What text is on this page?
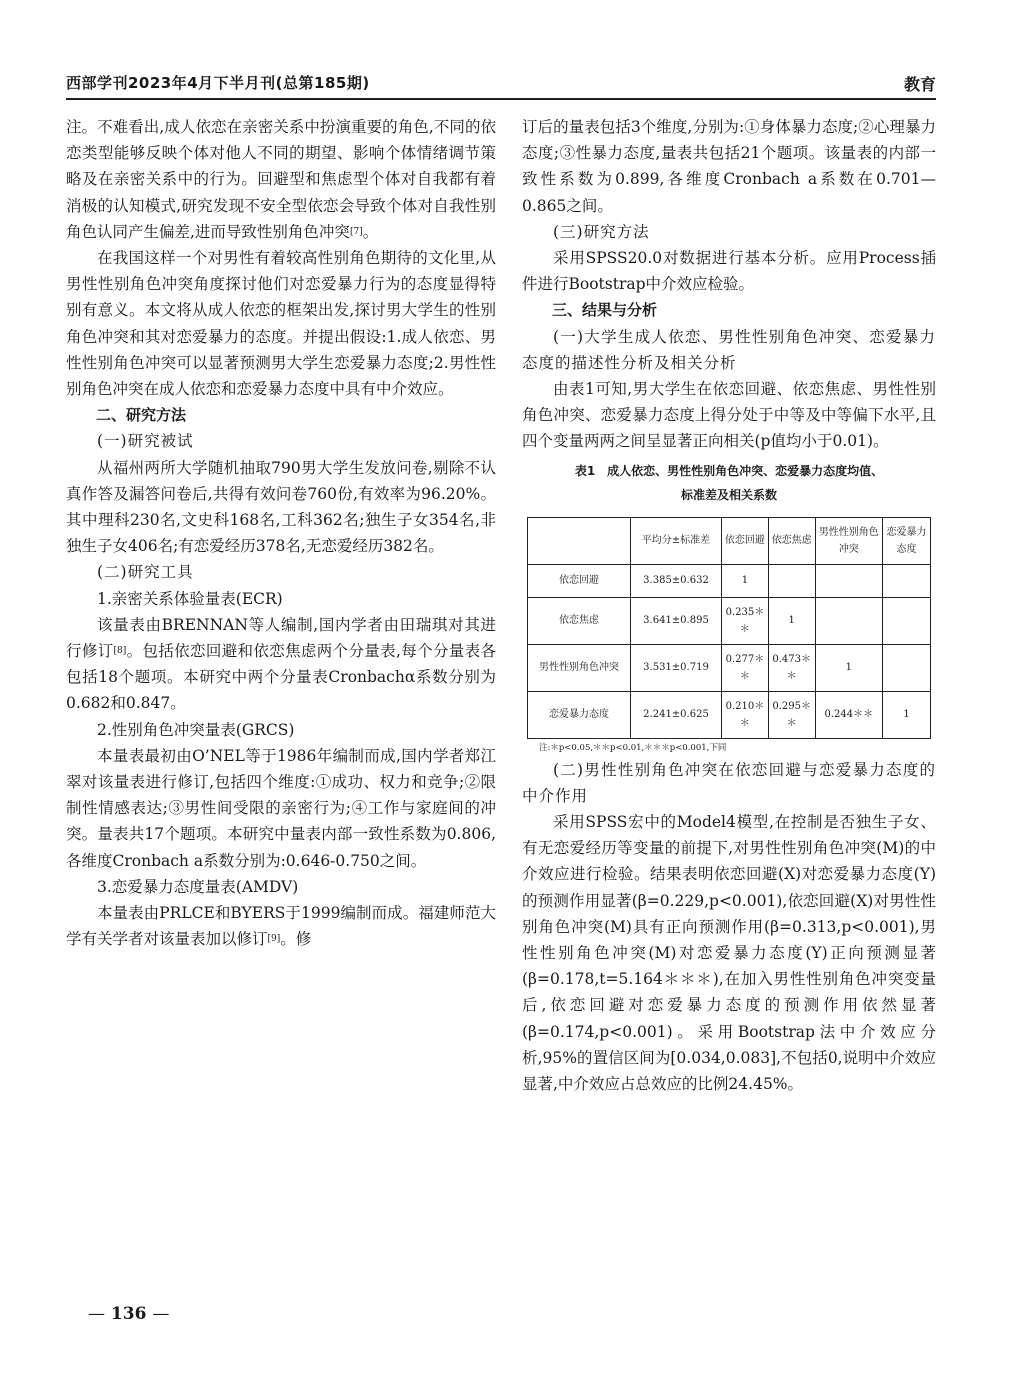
西部学刊2023年4月下半月刊(总第185期)	教育

注。不难看出,成人依恋在亲密关系中扮演重要的角色,不同的依恋类型能够反映个体对他人不同的期望、影响个体情绪调节策略及在亲密关系中的行为。回避型和焦虑型个体对自我都有着消极的认知模式,研究发现不安全型依恋会导致个体对自我性别角色认同产生偏差,进而导致性别角色冲突[7]。

在我国这样一个对男性有着较高性别角色期待的文化里,从男性性别角色冲突角度探讨他们对恋爱暴力行为的态度显得特别有意义。本文将从成人依恋的框架出发,探讨男大学生的性别角色冲突和其对恋爱暴力的态度。并提出假设:1.成人依恋、男性性别角色冲突可以显著预测男大学生恋爱暴力态度;2.男性性别角色冲突在成人依恋和恋爱暴力态度中具有中介效应。

二、研究方法

(一)研究被试

从福州两所大学随机抽取790男大学生发放问卷,剔除不认真作答及漏答问卷后,共得有效问卷760份,有效率为96.20%。其中理科230名,文史科168名,工科362名;独生子女354名,非独生子女406名;有恋爱经历378名,无恋爱经历382名。

(二)研究工具

1.亲密关系体验量表(ECR)

该量表由BRENNAN等人编制,国内学者由田瑞琪对其进行修订[8]。包括依恋回避和依恋焦虑两个分量表,每个分量表各包括18个题项。本研究中两个分量表Cronbachα系数分别为0.682和0.847。

2.性别角色冲突量表(GRCS)

本量表最初由O’NEL等于1986年编制而成,国内学者郑江翠对该量表进行修订,包括四个维度:①成功、权力和竞争;②限制性情感表达;③男性间受限的亲密行为;④工作与家庭间的冲突。量表共17个题项。本研究中量表内部一致性系数为0.806,各维度Cronbach a系数分别为:0.646-0.750之间。

3.恋爱暴力态度量表(AMDV)

本量表由PRLCE和BYERS于1999编制而成。福建师范大学有关学者对该量表加以修订[9]。修

订后的量表包括3个维度,分别为:①身体暴力态度;②心理暴力态度;③性暴力态度,量表共包括21个题项。该量表的内部一致性系数为0.899,各维度Cronbach a系数在0.701—0.865之间。

(三)研究方法

采用SPSS20.0对数据进行基本分析。应用Process插件进行Bootstrap中介效应检验。

三、结果与分析

(一)大学生成人依恋、男性性别角色冲突、恋爱暴力态度的描述性分析及相关分析

由表1可知,男大学生在依恋回避、依恋焦虑、男性性别角色冲突、恋爱暴力态度上得分处于中等及中等偏下水平,且四个变量两两之间呈显著正向相关(p值均小于0.01)。

表1　成人依恋、男性性别角色冲突、恋爱暴力态度均值、
标准差及相关系数
	平均分±标准差	依恋回避	依恋焦虑	男性性别角色冲突	恋爱暴力态度
依恋回避	3.385±0.632	1			
依恋焦虑	3.641±0.895	0.235＊＊	1		
男性性别角色冲突	3.531±0.719	0.277＊＊	0.473＊＊	1	
恋爱暴力态度	2.241±0.625	0.210＊＊	0.295＊＊	0.244＊＊	1

注:＊p<0.05,＊＊p<0.01,＊＊＊p<0.001,下同

(二)男性性别角色冲突在依恋回避与恋爱暴力态度的中介作用

采用SPSS宏中的Model4模型,在控制是否独生子女、有无恋爱经历等变量的前提下,对男性性别角色冲突(M)的中介效应进行检验。结果表明依恋回避(X)对恋爱暴力态度(Y)的预测作用显著(β=0.229,p<0.001),依恋回避(X)对男性性别角色冲突(M)具有正向预测作用(β=0.313,p<0.001),男性性别角色冲突(M)对恋爱暴力态度(Y)正向预测显著(β=0.178,t=5.164＊＊＊),在加入男性性别角色冲突变量后,依恋回避对恋爱暴力态度的预测作用依然显著(β=0.174,p<0.001)。采用Bootstrap法中介效应分析,95%的置信区间为[0.034,0.083],不包括0,说明中介效应显著,中介效应占总效应的比例24.45%。

— 136 —
